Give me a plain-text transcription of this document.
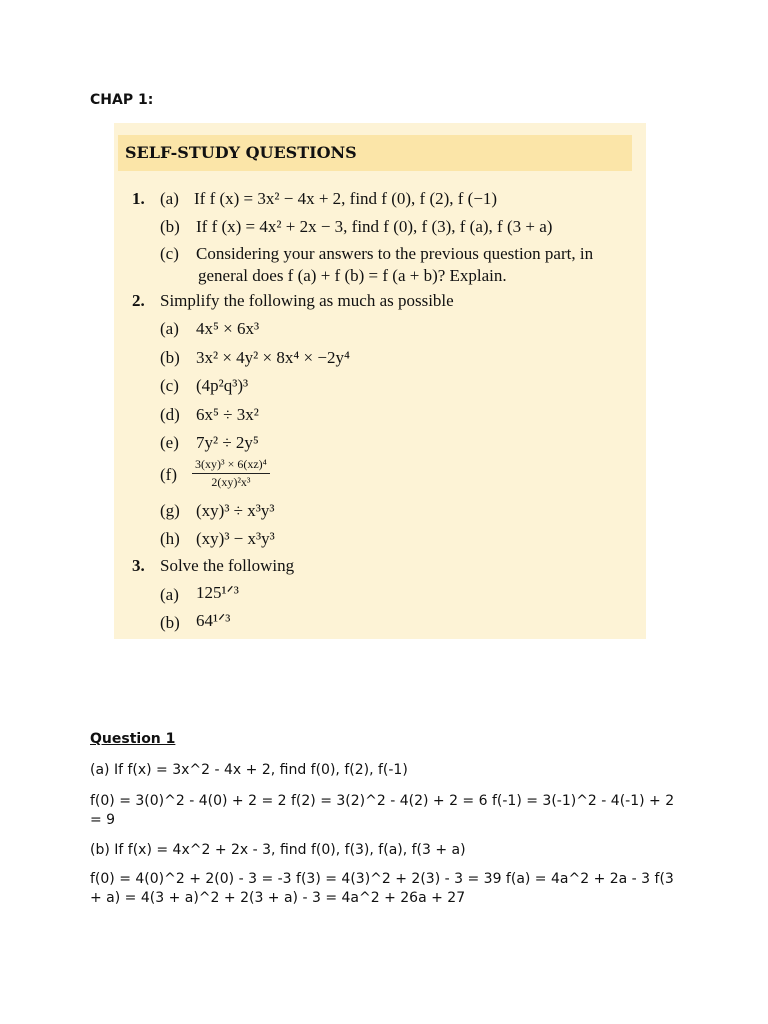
CHAP 1:
SELF-STUDY QUESTIONS
1. (a) If f (x) = 3x² − 4x + 2, find f (0), f (2), f (−1)
(b) If f (x) = 4x² + 2x − 3, find f (0), f (3), f (a), f (3 + a)
(c) Considering your answers to the previous question part, in
general does f (a) + f (b) = f (a + b)? Explain.
2. Simplify the following as much as possible
(a) 4x⁵ × 6x³
(b) 3x² × 4y² × 8x⁴ × −2y⁴
(c) (4p²q³)³
(d) 6x⁵ ÷ 3x²
(e) 7y² ÷ 2y⁵
$(f) \frac{\text{3(xy)³ × 6(xz)⁴}}{\text{2(xy)²x³}}$
(g) (xy)³ ÷ x³y³
(h) (xy)³ − x³y³
3. Solve the following
(a) 125¹ᐟ³
(b) 64¹ᐟ³
Question 1
(a) If f(x) = 3x^2 - 4x + 2, find f(0), f(2), f(-1)
f(0) = 3(0)^2 - 4(0) + 2 = 2 f(2) = 3(2)^2 - 4(2) + 2 = 6 f(-1) = 3(-1)^2 - 4(-1) + 2 = 9
(b) If f(x) = 4x^2 + 2x - 3, find f(0), f(3), f(a), f(3 + a)
f(0) = 4(0)^2 + 2(0) - 3 = -3 f(3) = 4(3)^2 + 2(3) - 3 = 39 f(a) = 4a^2 + 2a - 3 f(3 + a) = 4(3 + a)^2 + 2(3 + a) - 3 = 4a^2 + 26a + 27
